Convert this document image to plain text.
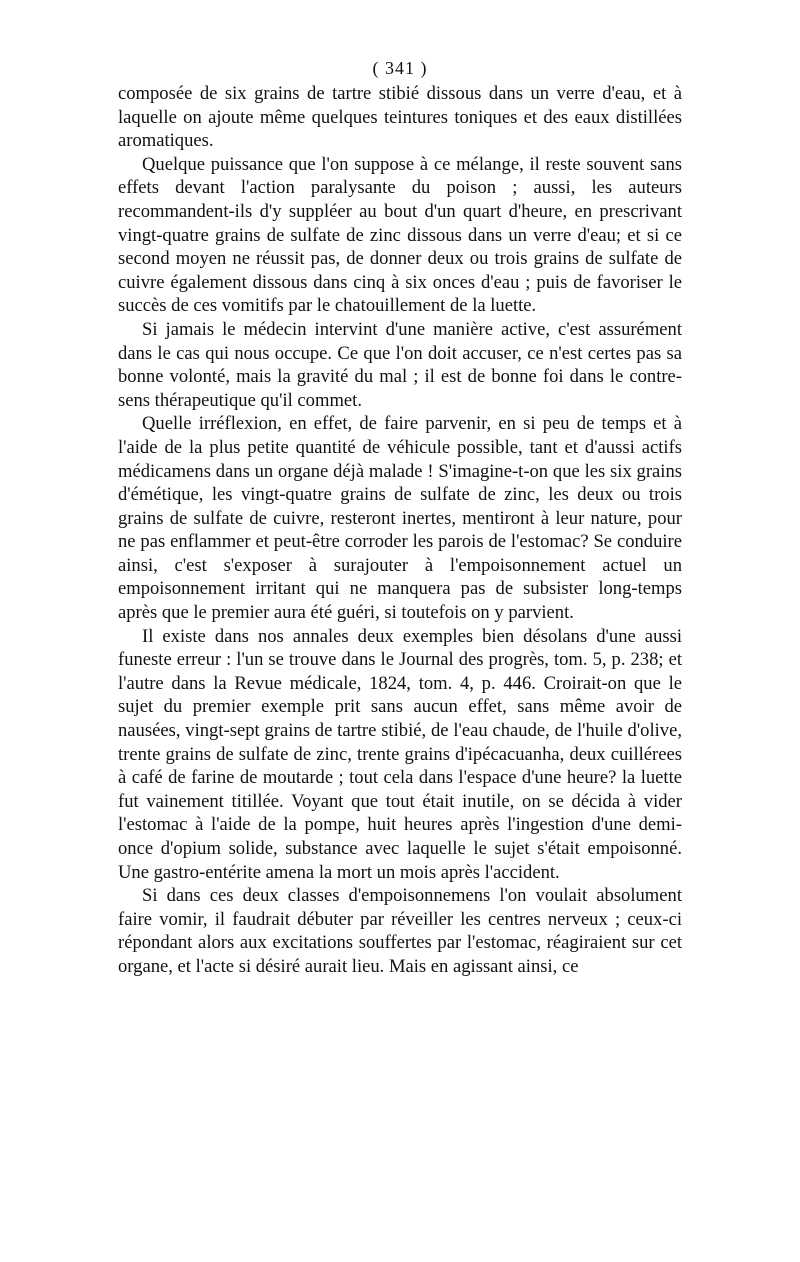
( 341 )

composée de six grains de tartre stibié dissous dans un verre d'eau, et à laquelle on ajoute même quelques teintures toniques et des eaux distillées aromatiques.

Quelque puissance que l'on suppose à ce mélange, il reste souvent sans effets devant l'action paralysante du poison ; aussi, les auteurs recommandent-ils d'y suppléer au bout d'un quart d'heure, en prescrivant vingt-quatre grains de sulfate de zinc dissous dans un verre d'eau; et si ce second moyen ne réussit pas, de donner deux ou trois grains de sulfate de cuivre également dissous dans cinq à six onces d'eau ; puis de favoriser le succès de ces vomitifs par le chatouillement de la luette.

Si jamais le médecin intervint d'une manière active, c'est assurément dans le cas qui nous occupe. Ce que l'on doit accuser, ce n'est certes pas sa bonne volonté, mais la gravité du mal ; il est de bonne foi dans le contre-sens thérapeutique qu'il commet.

Quelle irréflexion, en effet, de faire parvenir, en si peu de temps et à l'aide de la plus petite quantité de véhicule possible, tant et d'aussi actifs médicamens dans un organe déjà malade ! S'imagine-t-on que les six grains d'émétique, les vingt-quatre grains de sulfate de zinc, les deux ou trois grains de sulfate de cuivre, resteront inertes, mentiront à leur nature, pour ne pas enflammer et peut-être corroder les parois de l'estomac? Se conduire ainsi, c'est s'exposer à surajouter à l'empoisonnement actuel un empoisonnement irritant qui ne manquera pas de subsister long-temps après que le premier aura été guéri, si toutefois on y parvient.

Il existe dans nos annales deux exemples bien désolans d'une aussi funeste erreur : l'un se trouve dans le Journal des progrès, tom. 5, p. 238; et l'autre dans la Revue médicale, 1824, tom. 4, p. 446. Croirait-on que le sujet du premier exemple prit sans aucun effet, sans même avoir de nausées, vingt-sept grains de tartre stibié, de l'eau chaude, de l'huile d'olive, trente grains de sulfate de zinc, trente grains d'ipécacuanha, deux cuillérees à café de farine de moutarde ; tout cela dans l'espace d'une heure? la luette fut vainement titillée. Voyant que tout était inutile, on se décida à vider l'estomac à l'aide de la pompe, huit heures après l'ingestion d'une demi-once d'opium solide, substance avec laquelle le sujet s'était empoisonné. Une gastro-entérite amena la mort un mois après l'accident.

Si dans ces deux classes d'empoisonnemens l'on voulait absolument faire vomir, il faudrait débuter par réveiller les centres nerveux ; ceux-ci répondant alors aux excitations souffertes par l'estomac, réagiraient sur cet organe, et l'acte si désiré aurait lieu. Mais en agissant ainsi, ce
